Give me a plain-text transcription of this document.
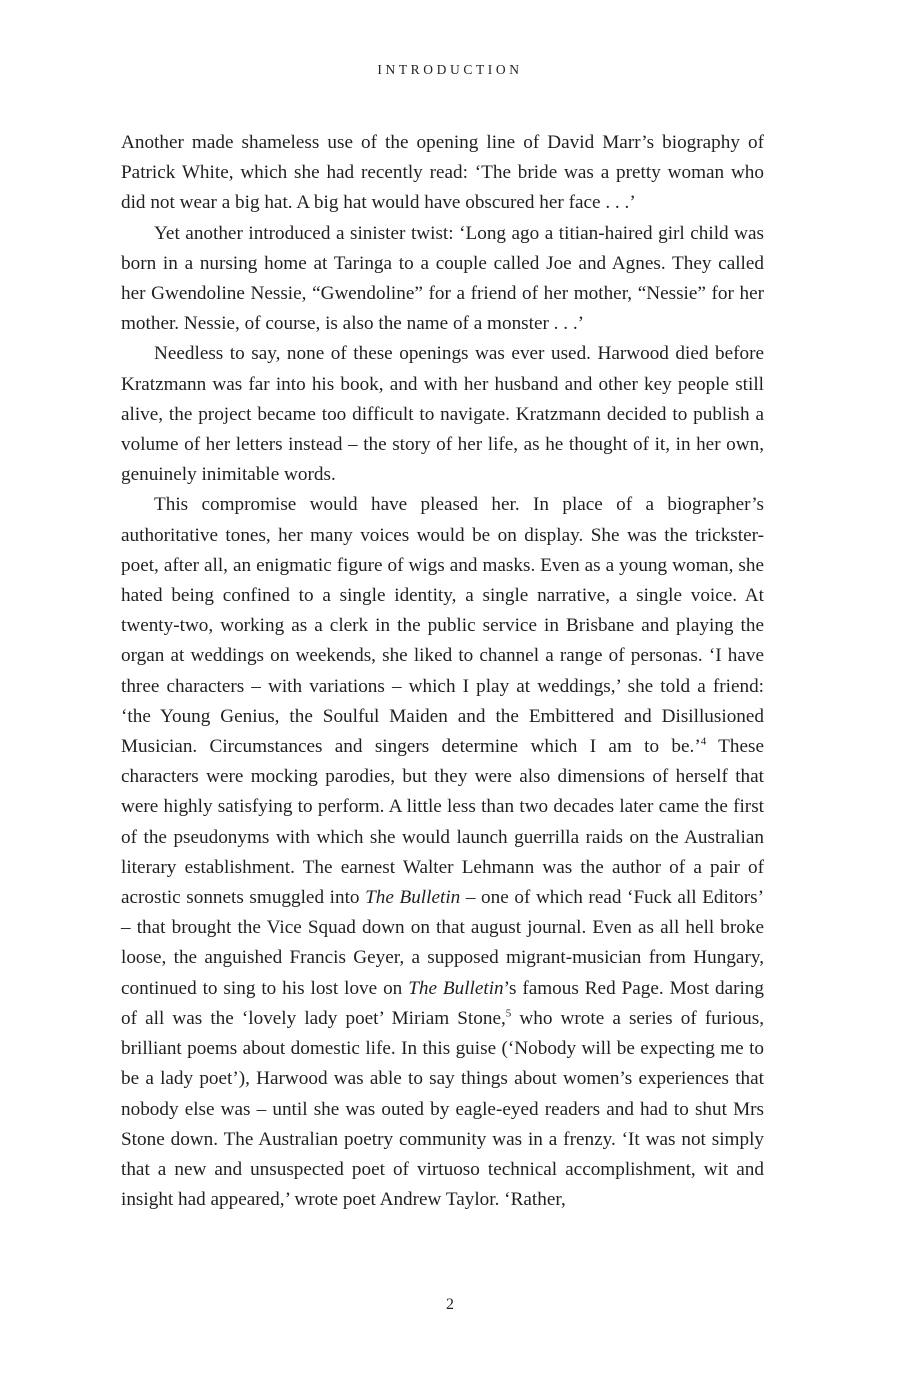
INTRODUCTION

Another made shameless use of the opening line of David Marr’s biography of Patrick White, which she had recently read: ‘The bride was a pretty woman who did not wear a big hat. A big hat would have obscured her face . . .’

Yet another introduced a sinister twist: ‘Long ago a titian-haired girl child was born in a nursing home at Taringa to a couple called Joe and Agnes. They called her Gwendoline Nessie, “Gwendoline” for a friend of her mother, “Nessie” for her mother. Nessie, of course, is also the name of a monster . . .’

Needless to say, none of these openings was ever used. Harwood died before Kratzmann was far into his book, and with her husband and other key people still alive, the project became too difficult to navigate. Kratzmann decided to publish a volume of her letters instead – the story of her life, as he thought of it, in her own, genuinely inimitable words.

This compromise would have pleased her. In place of a biographer’s authoritative tones, her many voices would be on display. She was the trickster-poet, after all, an enigmatic figure of wigs and masks. Even as a young woman, she hated being confined to a single identity, a single narrative, a single voice. At twenty-two, working as a clerk in the public service in Brisbane and playing the organ at weddings on weekends, she liked to channel a range of personas. ‘I have three characters – with variations – which I play at weddings,’ she told a friend: ‘the Young Genius, the Soulful Maiden and the Embittered and Disillusioned Musician. Circumstances and singers determine which I am to be.’$^4$ These characters were mocking parodies, but they were also dimensions of herself that were highly satisfying to perform. A little less than two decades later came the first of the pseudonyms with which she would launch guerrilla raids on the Australian literary establishment. The earnest Walter Lehmann was the author of a pair of acrostic sonnets smuggled into The Bulletin – one of which read ‘Fuck all Editors’ – that brought the Vice Squad down on that august journal. Even as all hell broke loose, the anguished Francis Geyer, a supposed migrant-musician from Hungary, continued to sing to his lost love on The Bulletin’s famous Red Page. Most daring of all was the ‘lovely lady poet’ Miriam Stone,$^5$ who wrote a series of furious, brilliant poems about domestic life. In this guise (‘Nobody will be expecting me to be a lady poet’), Harwood was able to say things about women’s experiences that nobody else was – until she was outed by eagle-eyed readers and had to shut Mrs Stone down. The Australian poetry community was in a frenzy. ‘It was not simply that a new and unsuspected poet of virtuoso technical accomplishment, wit and insight had appeared,’ wrote poet Andrew Taylor. ‘Rather,

2
